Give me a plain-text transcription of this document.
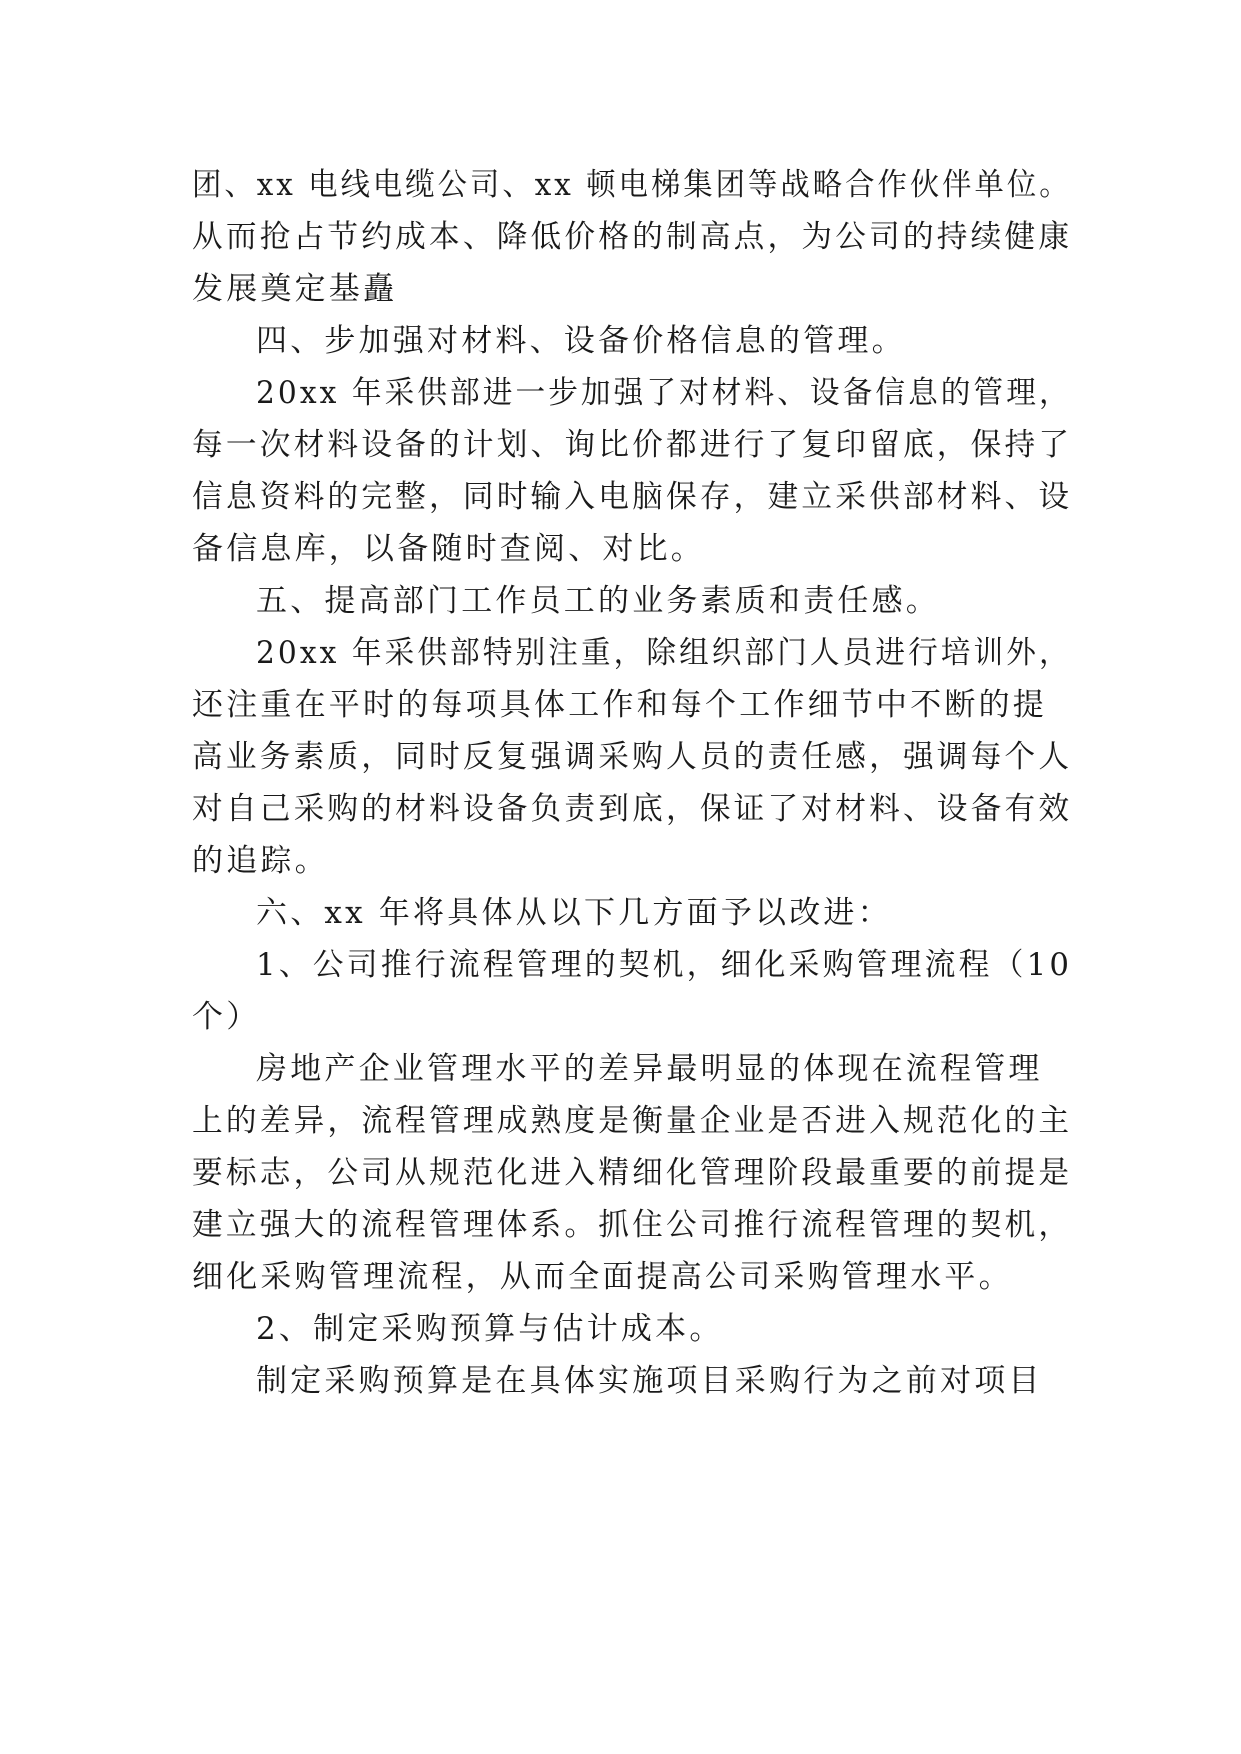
团、xx 电线电缆公司、xx 顿电梯集团等战略合作伙伴单位。
从而抢占节约成本、降低价格的制高点，为公司的持续健康
发展奠定基矗
四、步加强对材料、设备价格信息的管理。
20xx 年采供部进一步加强了对材料、设备信息的管理，
每一次材料设备的计划、询比价都进行了复印留底，保持了
信息资料的完整，同时输入电脑保存，建立采供部材料、设
备信息库，以备随时查阅、对比。
五、提高部门工作员工的业务素质和责任感。
20xx 年采供部特别注重，除组织部门人员进行培训外，
还注重在平时的每项具体工作和每个工作细节中不断的提
高业务素质，同时反复强调采购人员的责任感，强调每个人
对自己采购的材料设备负责到底，保证了对材料、设备有效
的追踪。
六、xx 年将具体从以下几方面予以改进：
1、公司推行流程管理的契机，细化采购管理流程（10
个）
房地产企业管理水平的差异最明显的体现在流程管理
上的差异，流程管理成熟度是衡量企业是否进入规范化的主
要标志，公司从规范化进入精细化管理阶段最重要的前提是
建立强大的流程管理体系。抓住公司推行流程管理的契机，
细化采购管理流程，从而全面提高公司采购管理水平。
2、制定采购预算与估计成本。
制定采购预算是在具体实施项目采购行为之前对项目
